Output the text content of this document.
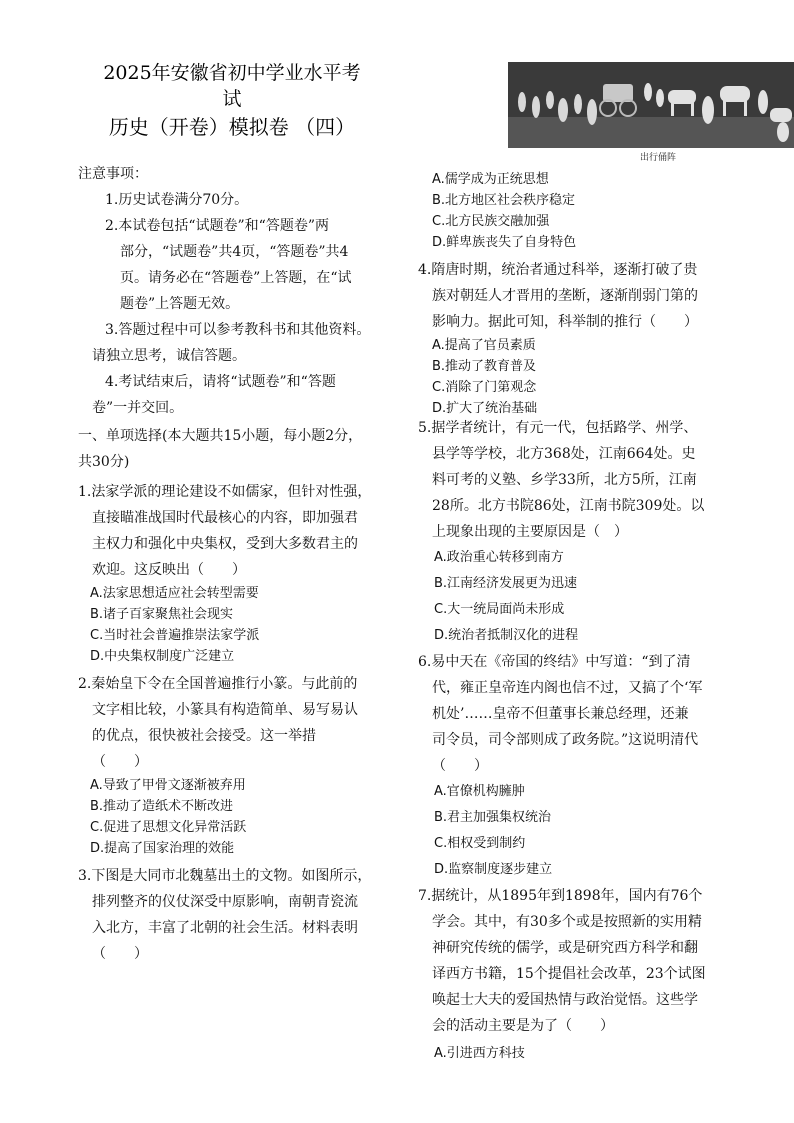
2025年安徽省初中学业水平考
试
历史（开卷）模拟卷 （四）
出行俑阵
注意事项：
1.历史试卷满分70分。
2.本试卷包括“试题卷”和“答题卷”两
部分，“试题卷”共4页，“答题卷”共4
页。请务必在“答题卷”上答题，在“试
题卷”上答题无效。
3.答题过程中可以参考教科书和其他资料。
请独立思考，诚信答题。
4.考试结束后，请将“试题卷”和“答题
卷”一并交回。
一、单项选择(本大题共15小题，每小题2分，
共30分)
1.法家学派的理论建设不如儒家，但针对性强，
直接瞄准战国时代最核心的内容，即加强君
主权力和强化中央集权，受到大多数君主的
欢迎。这反映出（　　）
A.法家思想适应社会转型需要
B.诸子百家聚焦社会现实
C.当时社会普遍推崇法家学派
D.中央集权制度广泛建立
2.秦始皇下令在全国普遍推行小篆。与此前的
文字相比较，小篆具有构造简单、易写易认
的优点，很快被社会接受。这一举措
（　　）
A.导致了甲骨文逐渐被弃用
B.推动了造纸术不断改进
C.促进了思想文化异常活跃
D.提高了国家治理的效能
3.下图是大同市北魏墓出土的文物。如图所示，
排列整齐的仪仗深受中原影响，南朝青瓷流
入北方，丰富了北朝的社会生活。材料表明
（　　）
A.儒学成为正统思想
B.北方地区社会秩序稳定
C.北方民族交融加强
D.鲜卑族丧失了自身特色
4.隋唐时期，统治者通过科举，逐渐打破了贵
族对朝廷人才晋用的垄断，逐渐削弱门第的
影响力。据此可知，科举制的推行（　　）
A.提高了官员素质
B.推动了教育普及
C.消除了门第观念
D.扩大了统治基础
5.据学者统计，有元一代，包括路学、州学、
县学等学校，北方368处，江南664处。史
料可考的义塾、乡学33所，北方5所，江南
28所。北方书院86处，江南书院309处。以
上现象出现的主要原因是（　）
A.政治重心转移到南方
B.江南经济发展更为迅速
C.大一统局面尚未形成
D.统治者抵制汉化的进程
6.易中天在《帝国的终结》中写道：“到了清
代，雍正皇帝连内阁也信不过，又搞了个‘军
机处’……皇帝不但董事长兼总经理，还兼
司令员，司令部则成了政务院。”这说明清代
（　　）
A.官僚机构臃肿
B.君主加强集权统治
C.相权受到制约
D.监察制度逐步建立
7.据统计，从1895年到1898年，国内有76个
学会。其中，有30多个或是按照新的实用精
神研究传统的儒学，或是研究西方科学和翻
译西方书籍，15个提倡社会改革，23个试图
唤起士大夫的爱国热情与政治觉悟。这些学
会的活动主要是为了（　　）
A.引进西方科技
